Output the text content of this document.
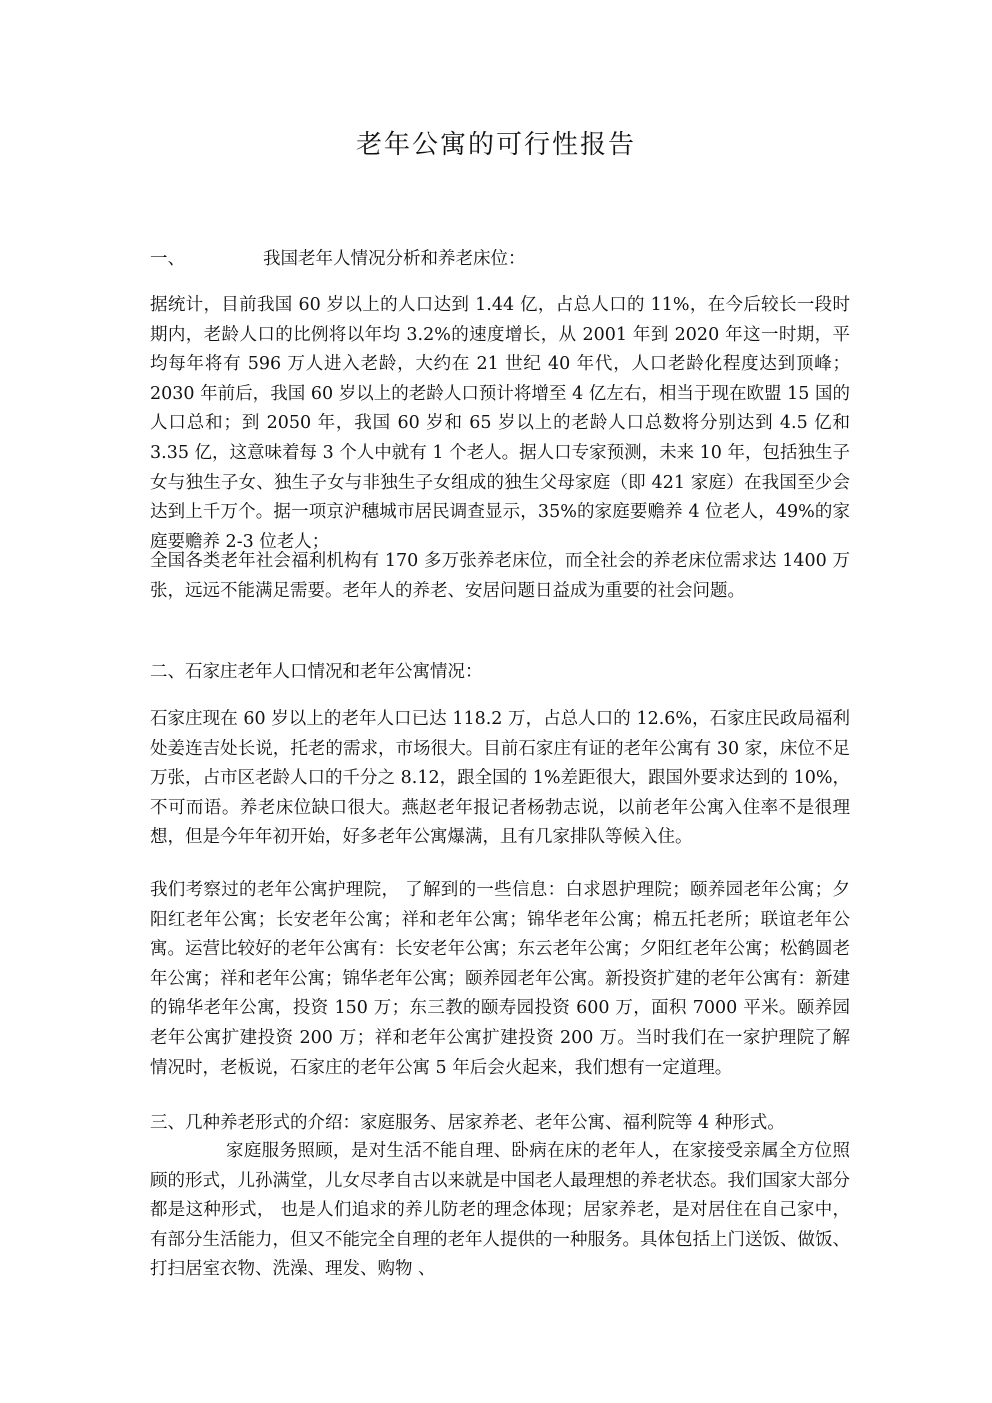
老年公寓的可行性报告

一、	我国老年人情况分析和养老床位：

据统计，目前我国 60 岁以上的人口达到 1.44 亿，占总人口的 11%，在今后较长一段时期内，老龄人口的比例将以年均 3.2%的速度增长，从 2001 年到 2020 年这一时期，平均每年将有 596 万人进入老龄，大约在 21 世纪 40 年代，人口老龄化程度达到顶峰；2030 年前后，我国 60 岁以上的老龄人口预计将增至 4 亿左右，相当于现在欧盟 15 国的人口总和；到 2050 年，我国 60 岁和 65 岁以上的老龄人口总数将分别达到 4.5 亿和 3.35 亿，这意味着每 3 个人中就有 1 个老人。据人口专家预测，未来 10 年，包括独生子女与独生子女、独生子女与非独生子女组成的独生父母家庭（即 421 家庭）在我国至少会达到上千万个。据一项京沪穗城市居民调查显示，35%的家庭要赡养 4 位老人，49%的家庭要赡养 2-3 位老人；

全国各类老年社会福利机构有 170 多万张养老床位，而全社会的养老床位需求达 1400 万张，远远不能满足需要。老年人的养老、安居问题日益成为重要的社会问题。

二、石家庄老年人口情况和老年公寓情况：

石家庄现在 60 岁以上的老年人口已达 118.2 万，占总人口的 12.6%，石家庄民政局福利处姜连吉处长说，托老的需求，市场很大。目前石家庄有证的老年公寓有 30 家，床位不足万张，占市区老龄人口的千分之 8.12，跟全国的 1%差距很大，跟国外要求达到的 10%，不可而语。养老床位缺口很大。燕赵老年报记者杨勃志说，以前老年公寓入住率不是很理想，但是今年年初开始，好多老年公寓爆满，且有几家排队等候入住。

我们考察过的老年公寓护理院， 了解到的一些信息：白求恩护理院；颐养园老年公寓；夕阳红老年公寓；长安老年公寓；祥和老年公寓；锦华老年公寓；棉五托老所；联谊老年公寓。运营比较好的老年公寓有：长安老年公寓；东云老年公寓；夕阳红老年公寓；松鹤圆老年公寓；祥和老年公寓；锦华老年公寓；颐养园老年公寓。新投资扩建的老年公寓有：新建的锦华老年公寓，投资 150 万；东三教的颐寿园投资 600 万，面积 7000 平米。颐养园老年公寓扩建投资 200 万；祥和老年公寓扩建投资 200 万。当时我们在一家护理院了解情况时，老板说，石家庄的老年公寓 5 年后会火起来，我们想有一定道理。

三、几种养老形式的介绍：家庭服务、居家养老、老年公寓、福利院等 4 种形式。

家庭服务照顾，是对生活不能自理、卧病在床的老年人，在家接受亲属全方位照顾的形式，儿孙满堂，儿女尽孝自古以来就是中国老人最理想的养老状态。我们国家大部分都是这种形式， 也是人们追求的养儿防老的理念体现；居家养老，是对居住在自己家中，有部分生活能力，但又不能完全自理的老年人提供的一种服务。具体包括上门送饭、做饭、打扫居室衣物、洗澡、理发、购物 、
